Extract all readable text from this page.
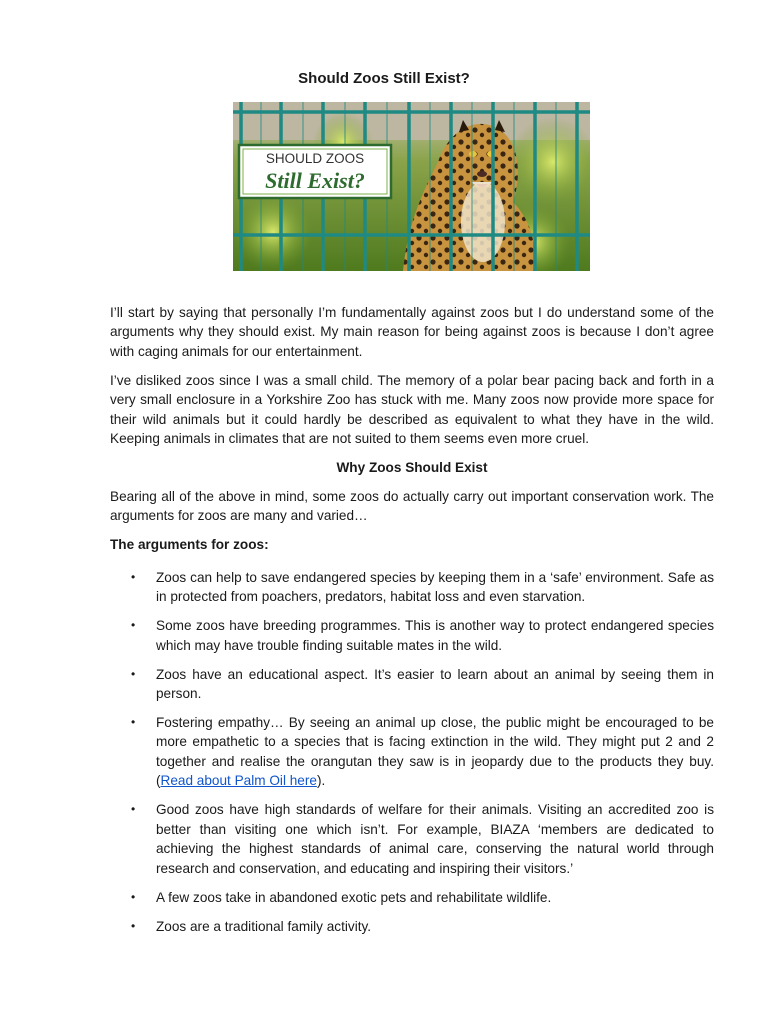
Should Zoos Still Exist?
SHOULD ZOOS
Still Exist?

I’ll start by saying that personally I’m fundamentally against zoos but I do understand some of the arguments why they should exist. My main reason for being against zoos is because I don’t agree with caging animals for our entertainment.

I’ve disliked zoos since I was a small child. The memory of a polar bear pacing back and forth in a very small enclosure in a Yorkshire Zoo has stuck with me. Many zoos now provide more space for their wild animals but it could hardly be described as equivalent to what they have in the wild. Keeping animals in climates that are not suited to them seems even more cruel.

Why Zoos Should Exist

Bearing all of the above in mind, some zoos do actually carry out important conservation work. The arguments for zoos are many and varied…

The arguments for zoos:

• Zoos can help to save endangered species by keeping them in a ‘safe’ environment. Safe as in protected from poachers, predators, habitat loss and even starvation.
• Some zoos have breeding programmes. This is another way to protect endangered species which may have trouble finding suitable mates in the wild.
• Zoos have an educational aspect. It’s easier to learn about an animal by seeing them in person.
• Fostering empathy… By seeing an animal up close, the public might be encouraged to be more empathetic to a species that is facing extinction in the wild. They might put 2 and 2 together and realise the orangutan they saw is in jeopardy due to the products they buy. (Read about Palm Oil here).
• Good zoos have high standards of welfare for their animals. Visiting an accredited zoo is better than visiting one which isn’t. For example, BIAZA ‘members are dedicated to achieving the highest standards of animal care, conserving the natural world through research and conservation, and educating and inspiring their visitors.’
• A few zoos take in abandoned exotic pets and rehabilitate wildlife.
• Zoos are a traditional family activity.
